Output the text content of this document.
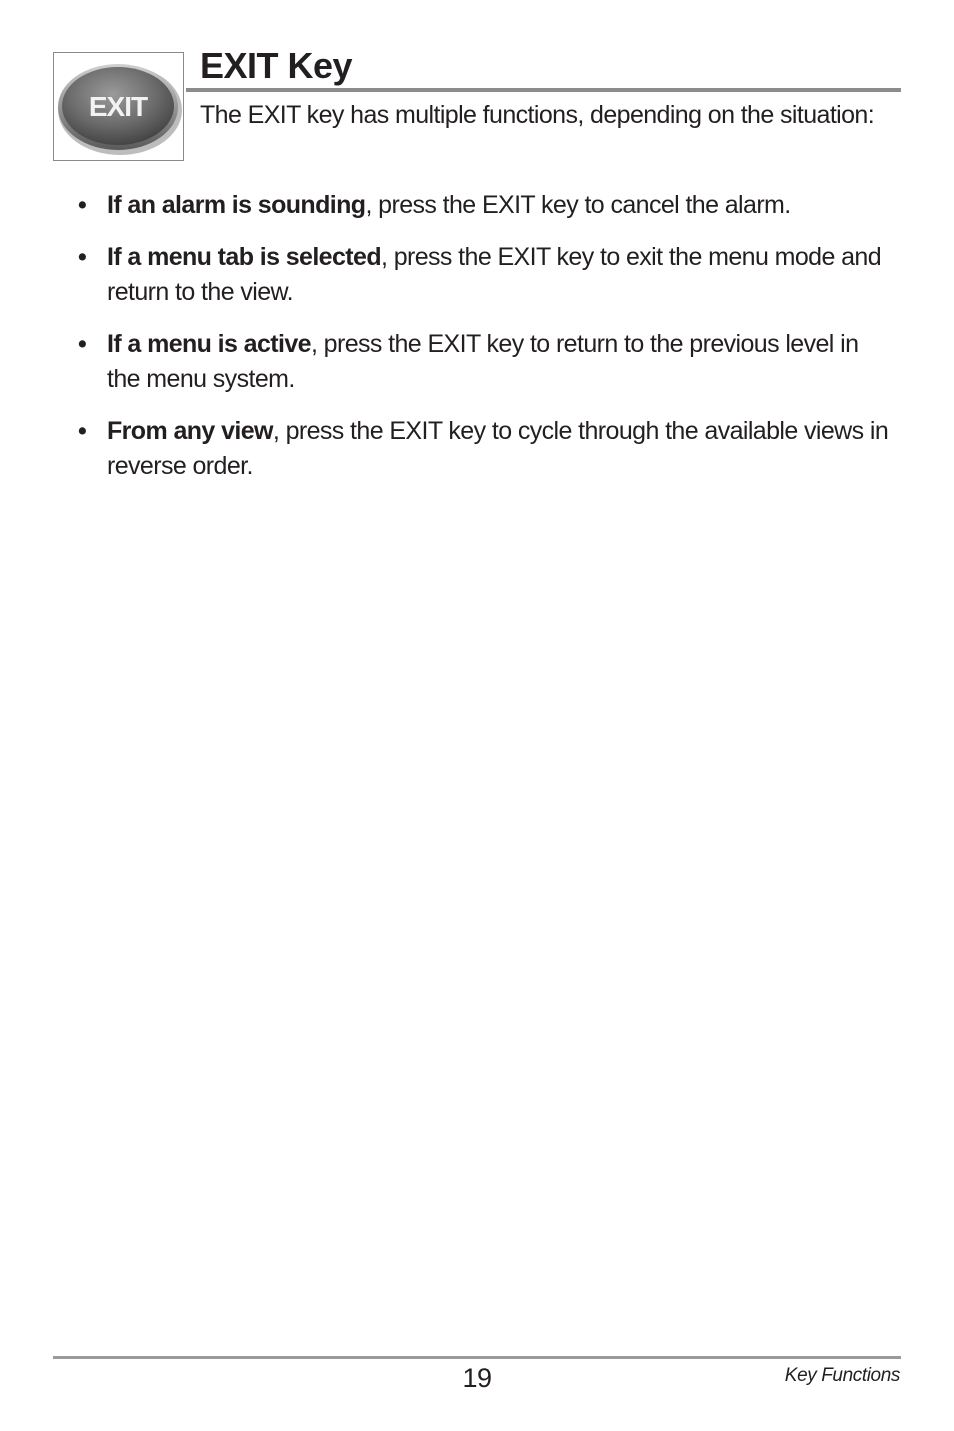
EXIT
EXIT Key
The EXIT key has multiple functions, depending on the situation:
• If an alarm is sounding, press the EXIT key to cancel the alarm.
• If a menu tab is selected, press the EXIT key to exit the menu mode and return to the view.
• If a menu is active, press the EXIT key to return to the previous level in the menu system.
• From any view, press the EXIT key to cycle through the available views in reverse order.
19	Key Functions
